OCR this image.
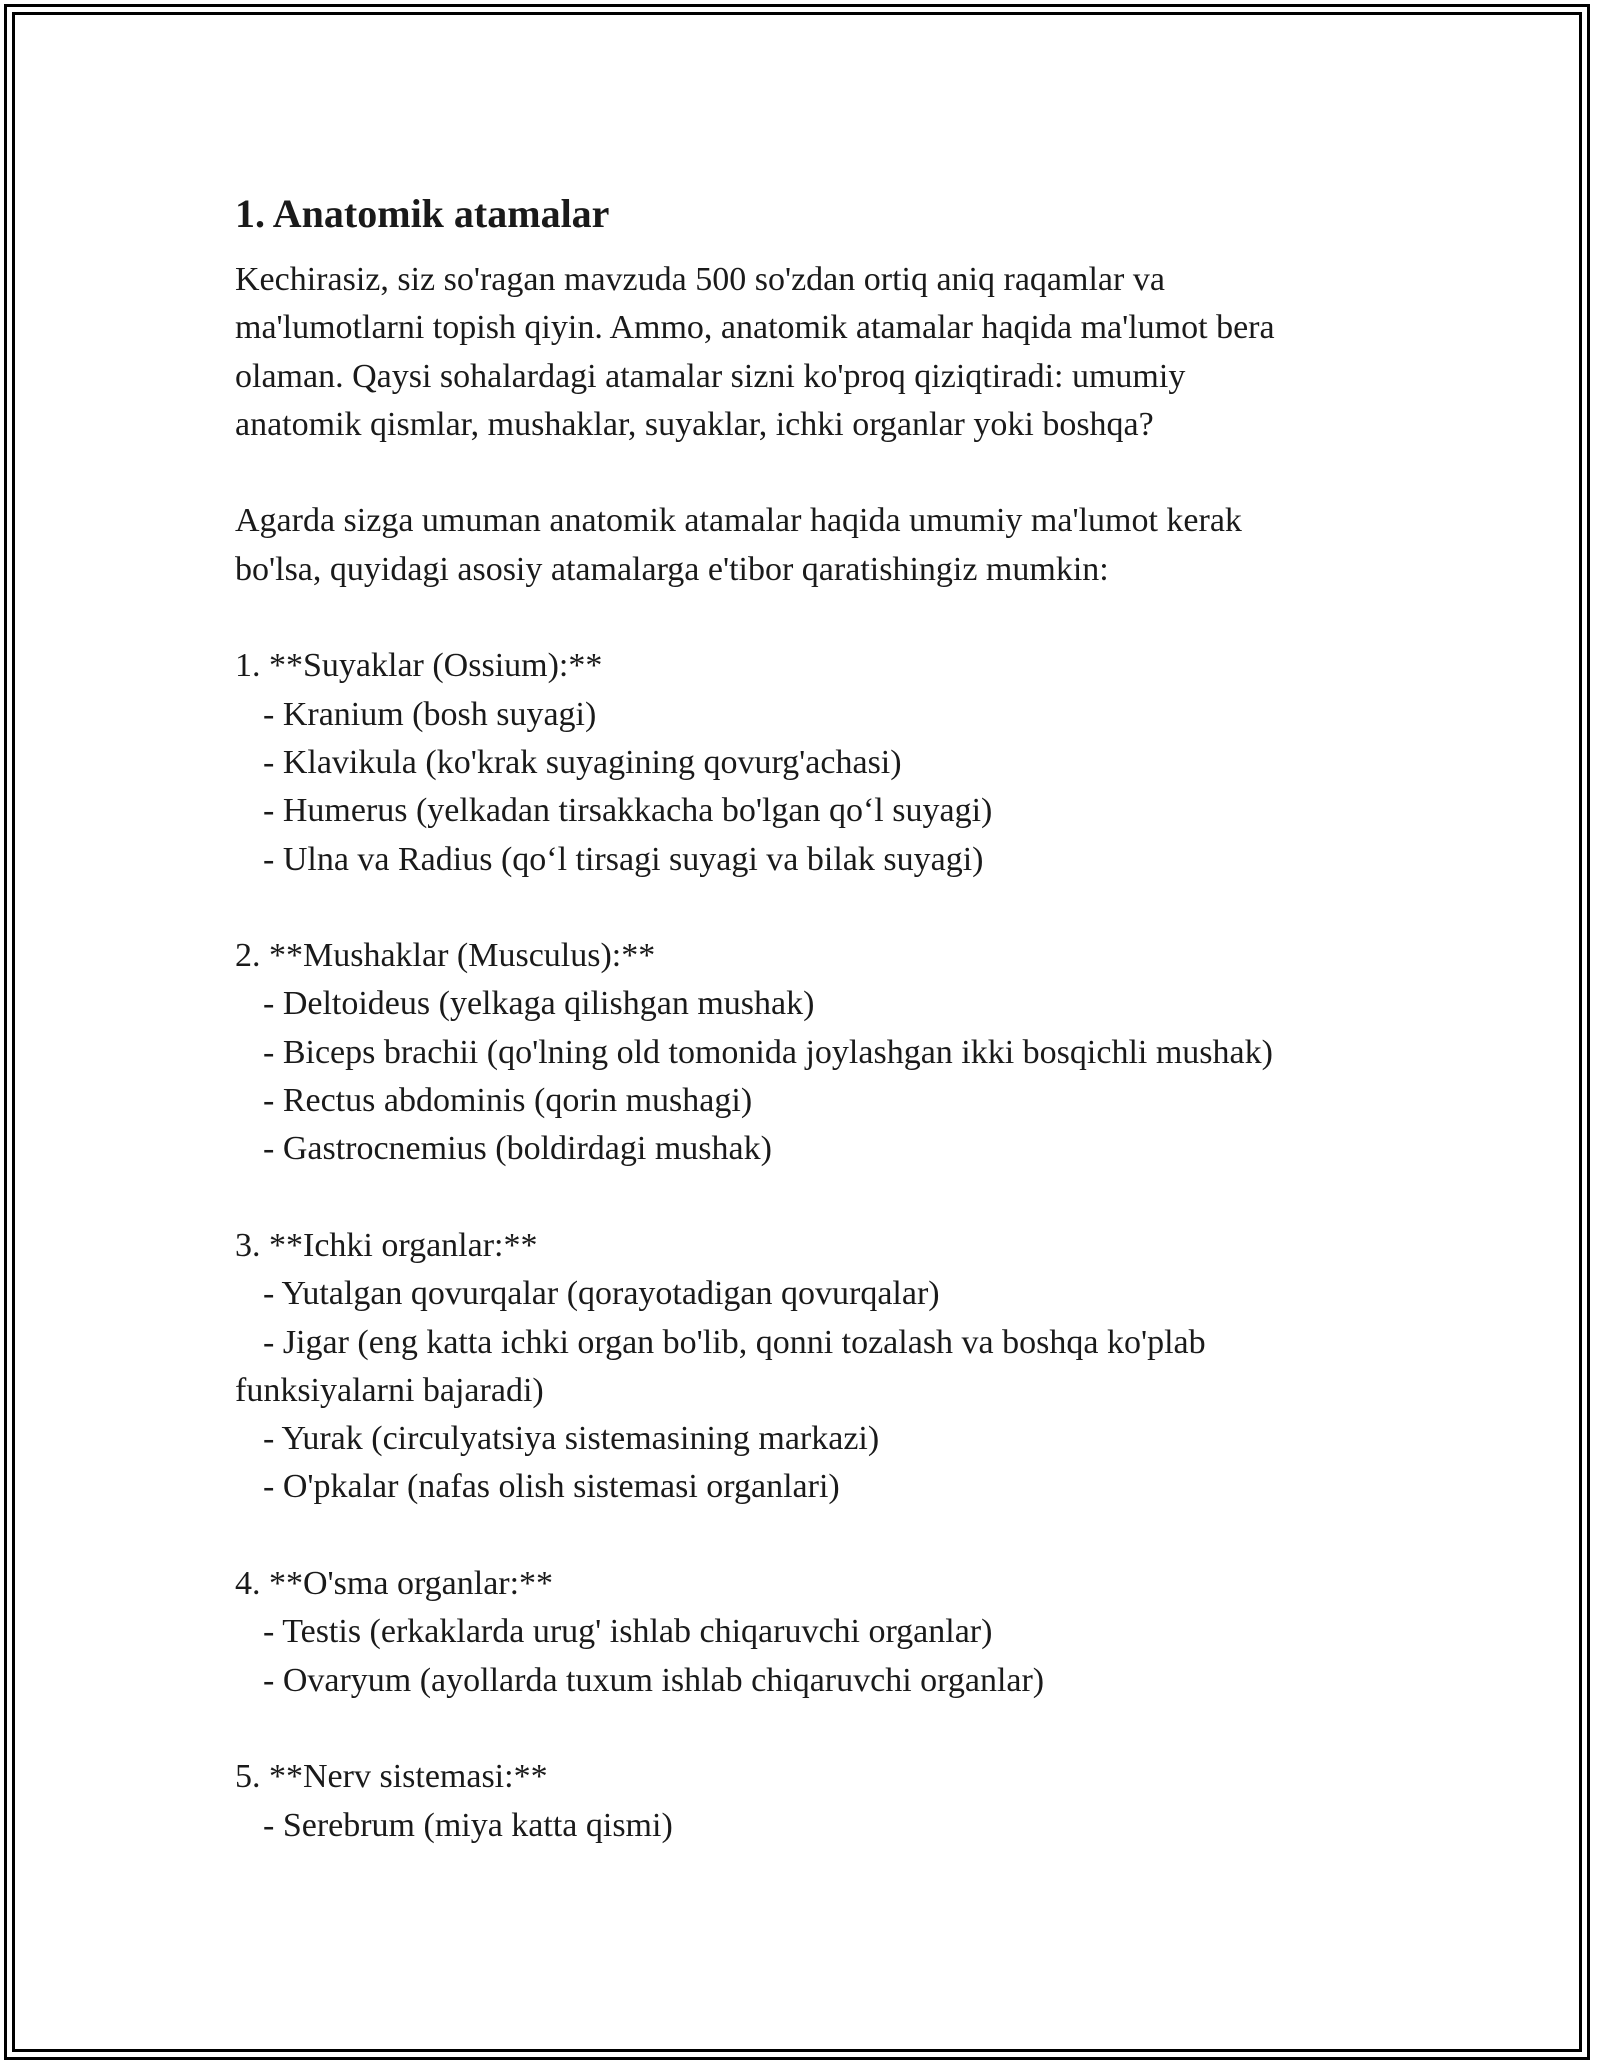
1. Anatomik atamalar

Kechirasiz, siz so'ragan mavzuda 500 so'zdan ortiq aniq raqamlar va

ma'lumotlarni topish qiyin. Ammo, anatomik atamalar haqida ma'lumot bera

olaman. Qaysi sohalardagi atamalar sizni ko'proq qiziqtiradi: umumiy

anatomik qismlar, mushaklar, suyaklar, ichki organlar yoki boshqa?

Agarda sizga umuman anatomik atamalar haqida umumiy ma'lumot kerak

bo'lsa, quyidagi asosiy atamalarga e'tibor qaratishingiz mumkin:

1. **Suyaklar (Ossium):**

- Kranium (bosh suyagi)

- Klavikula (ko'krak suyagining qovurg'achasi)

- Humerus (yelkadan tirsakkacha bo'lgan qo‘l suyagi)

- Ulna va Radius (qo‘l tirsagi suyagi va bilak suyagi)

2. **Mushaklar (Musculus):**

- Deltoideus (yelkaga qilishgan mushak)

- Biceps brachii (qo'lning old tomonida joylashgan ikki bosqichli mushak)

- Rectus abdominis (qorin mushagi)

- Gastrocnemius (boldirdagi mushak)

3. **Ichki organlar:**

- Yutalgan qovurqalar (qorayotadigan qovurqalar)

- Jigar (eng katta ichki organ bo'lib, qonni tozalash va boshqa ko'plab

funksiyalarni bajaradi)

- Yurak (circulyatsiya sistemasining markazi)

- O'pkalar (nafas olish sistemasi organlari)

4. **O'sma organlar:**

- Testis (erkaklarda urug' ishlab chiqaruvchi organlar)

- Ovaryum (ayollarda tuxum ishlab chiqaruvchi organlar)

5. **Nerv sistemasi:**

- Serebrum (miya katta qismi)
